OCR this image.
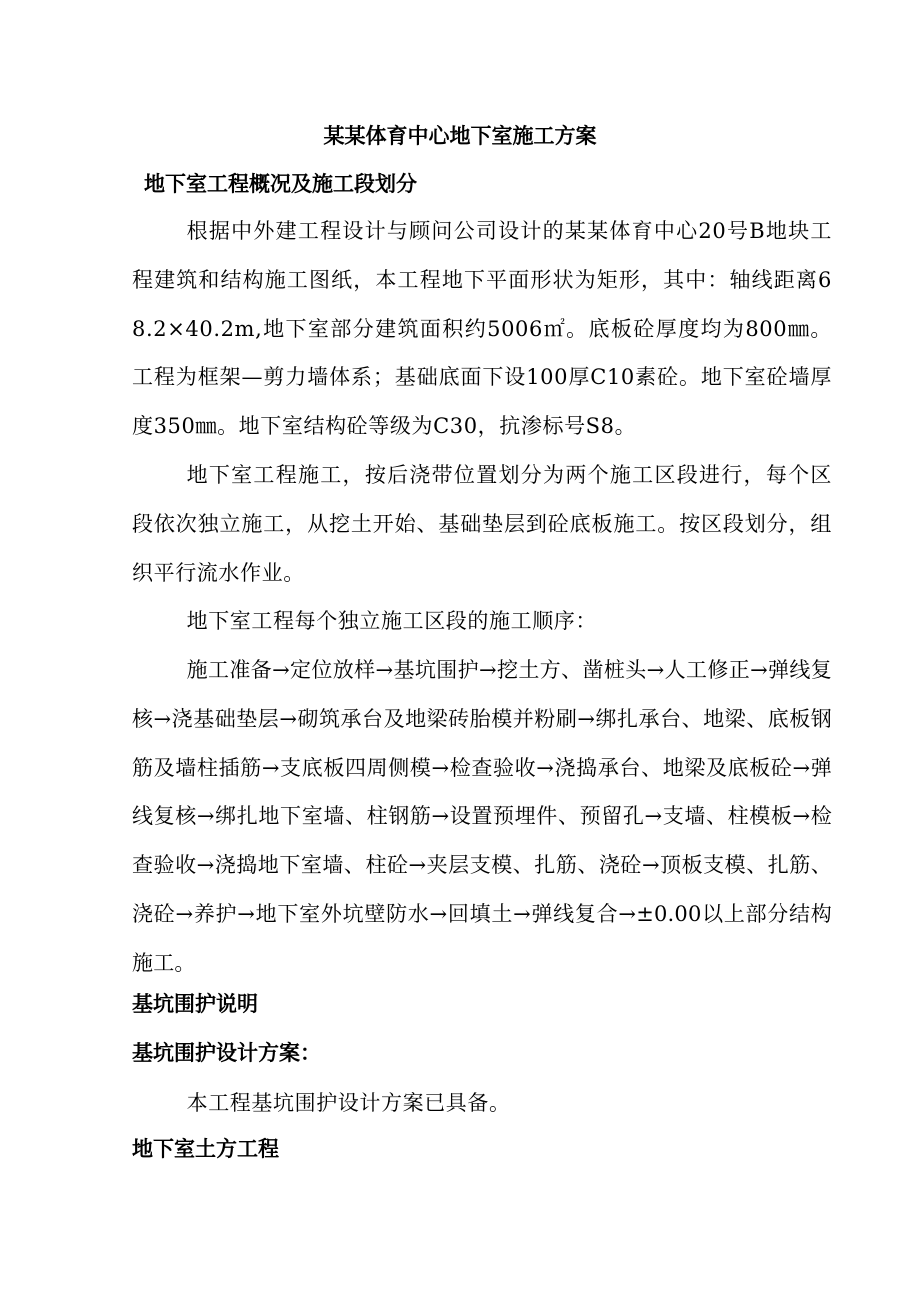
某某体育中心地下室施工方案
地下室工程概况及施工段划分

根据中外建工程设计与顾问公司设计的某某体育中心20号B地块工程建筑和结构施工图纸，本工程地下平面形状为矩形，其中：轴线距离68.2×40.2m,地下室部分建筑面积约5006㎡。底板砼厚度均为800㎜。工程为框架—剪力墙体系；基础底面下设100厚C10素砼。地下室砼墙厚度350㎜。地下室结构砼等级为C30，抗渗标号S8。

地下室工程施工，按后浇带位置划分为两个施工区段进行，每个区段依次独立施工，从挖土开始、基础垫层到砼底板施工。按区段划分，组织平行流水作业。

地下室工程每个独立施工区段的施工顺序：

施工准备→定位放样→基坑围护→挖土方、凿桩头→人工修正→弹线复核→浇基础垫层→砌筑承台及地梁砖胎模并粉刷→绑扎承台、地梁、底板钢筋及墙柱插筋→支底板四周侧模→检查验收→浇捣承台、地梁及底板砼→弹线复核→绑扎地下室墙、柱钢筋→设置预埋件、预留孔→支墙、柱模板→检查验收→浇捣地下室墙、柱砼→夹层支模、扎筋、浇砼→顶板支模、扎筋、浇砼→养护→地下室外坑壁防水→回填土→弹线复合→±0.00以上部分结构施工。

基坑围护说明
基坑围护设计方案：

本工程基坑围护设计方案已具备。

地下室土方工程
